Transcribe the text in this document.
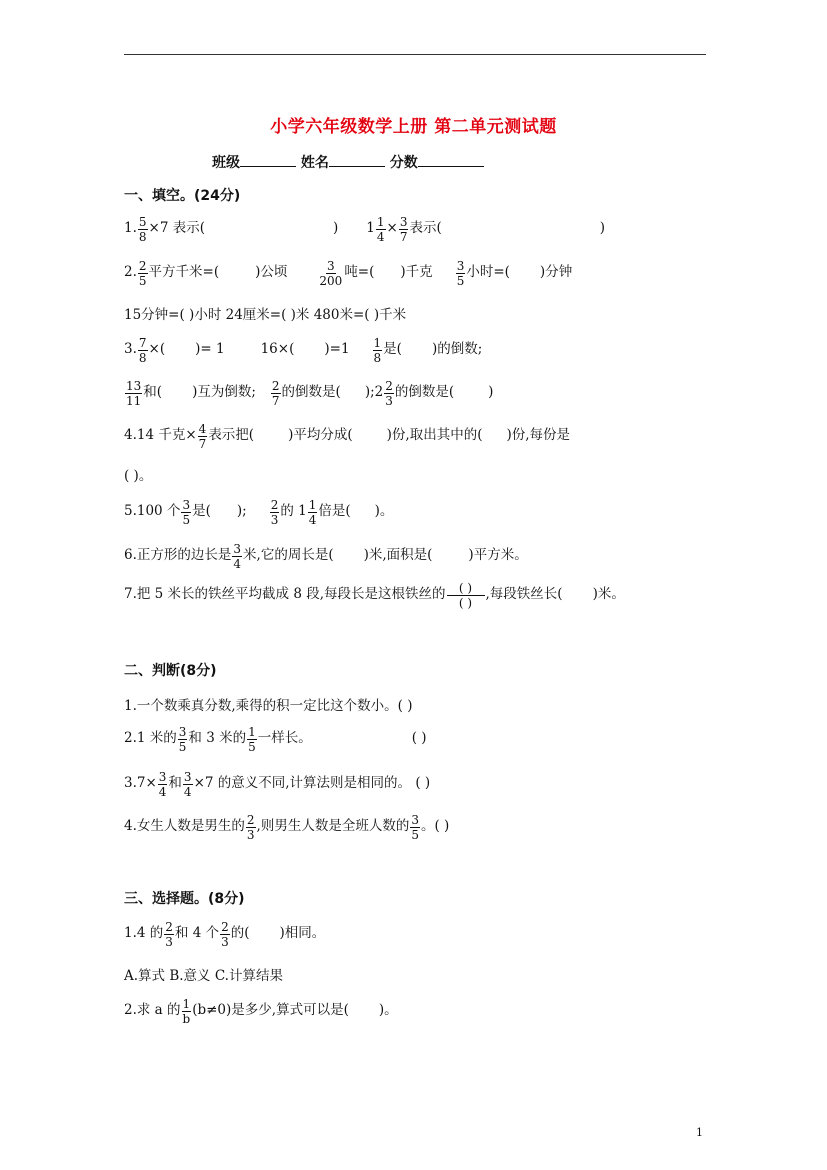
小学六年级数学上册 第二单元测试题
班级	姓名	分数
一、填空。(24分)
1. $\frac{5}{8} \times 7$ 表示(	) $1 \frac{1}{4} \times \frac{3}{7}$ 表示(	)
2. $\frac{2}{5}$ 平方千米=(	)公顷	$\frac{3}{200}$ 吨=( )千克 $\frac{3}{5}$ 小时=( )分钟
15分钟=( )小时 24厘米=( )米 480米=( )千米
3. $\frac{7}{8}$ ×( )= 1	16×( )$=1 \frac{1}{8}$ 是( )的倒数;
$\frac{13}{11}$ 和( )互为倒数; $\frac{2}{7}$ 的倒数是( );2 $\frac{2}{3}$ 的倒数是(	)
4.14 千克× $\frac{4}{7}$ 表示把(	)平均分成(	)份,取出其中的( )份,每份是
( )。
5.100 个 $\frac{3}{5}$ 是( ); $\frac{2}{3}$ 的 $1 \frac{1}{4}$ 倍是( )。
6.正方形的边长是 $\frac{3}{4}$ 米,它的周长是( )米,面积是(	)平方米。
7.把 5 米长的铁丝平均截成 8 段,每段长是这根铁丝的 $\frac{( )}{( )}$ ,每段铁丝长( )米。
二、判断(8分)
1.一个数乘真分数,乘得的积一定比这个数小。( )
2.1 米的 $\frac{3}{5}$ 和 3 米的 $\frac{1}{5}$ 一样长。	( )
$3.7\times \frac{3}{4}$ 和 $\frac{3}{4} \times 7$ 的意义不同,计算法则是相同的。 ( )
4.女生人数是男生的 $\frac{2}{3}$ ,则男生人数是全班人数的 $\frac{3}{5}$ 。( )
三、选择题。(8分)
1.4 的 $\frac{2}{3}$ 和 4 个 $\frac{2}{3}$ 的( )相同。
A.算式 B.意义 C.计算结果
2.求 a 的 $\frac{1}{b} (b\ne 0)$是多少,算式可以是( )。
1
